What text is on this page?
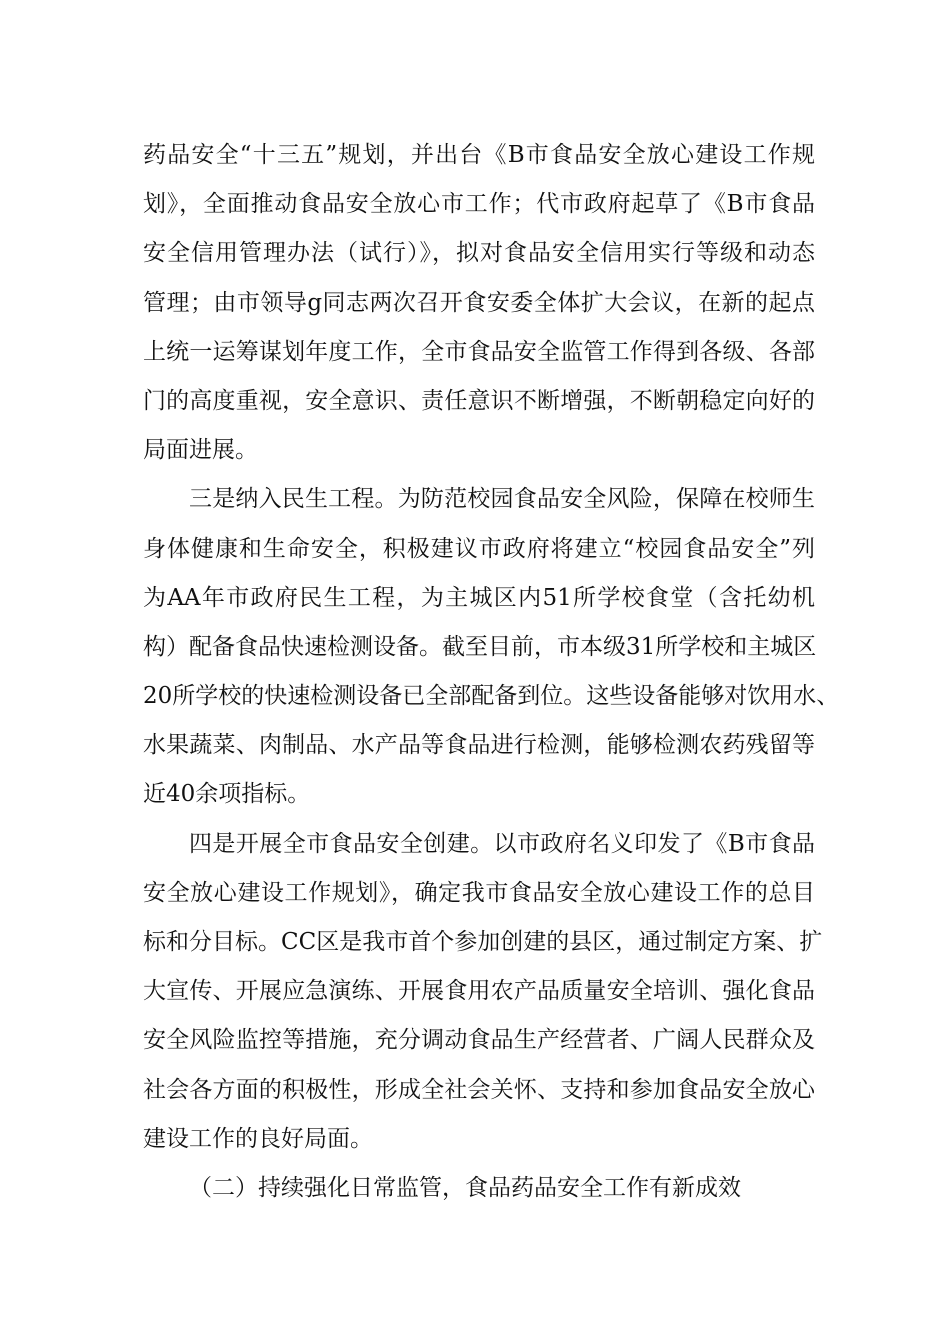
药品安全“十三五”规划，并出台《B市食品安全放心建设工作规
划》，全面推动食品安全放心市工作；代市政府起草了《B市食品
安全信用管理办法（试行）》，拟对食品安全信用实行等级和动态
管理；由市领导g同志两次召开食安委全体扩大会议，在新的起点
上统一运筹谋划年度工作，全市食品安全监管工作得到各级、各部
门的高度重视，安全意识、责任意识不断增强，不断朝稳定向好的
局面进展。
三是纳入民生工程。为防范校园食品安全风险，保障在校师生
身体健康和生命安全，积极建议市政府将建立“校园食品安全”列
为AA年市政府民生工程，为主城区内51所学校食堂（含托幼机
构）配备食品快速检测设备。截至目前，市本级31所学校和主城区
20所学校的快速检测设备已全部配备到位。这些设备能够对饮用水、
水果蔬菜、肉制品、水产品等食品进行检测，能够检测农药残留等
近40余项指标。
四是开展全市食品安全创建。以市政府名义印发了《B市食品
安全放心建设工作规划》，确定我市食品安全放心建设工作的总目
标和分目标。CC区是我市首个参加创建的县区，通过制定方案、扩
大宣传、开展应急演练、开展食用农产品质量安全培训、强化食品
安全风险监控等措施，充分调动食品生产经营者、广阔人民群众及
社会各方面的积极性，形成全社会关怀、支持和参加食品安全放心
建设工作的良好局面。
（二）持续强化日常监管，食品药品安全工作有新成效
